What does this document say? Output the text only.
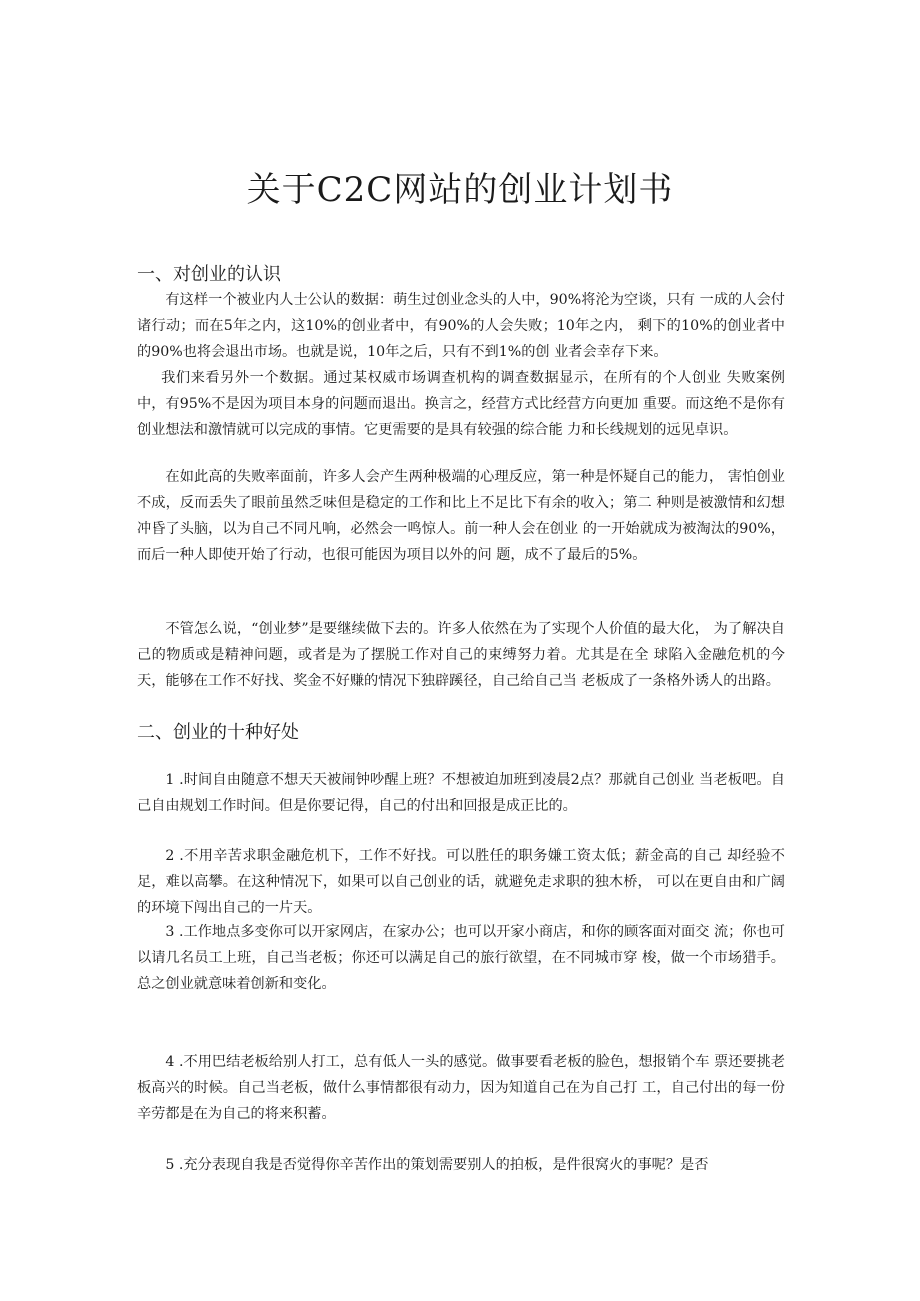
关于C2C网站的创业计划书
一、对创业的认识
有这样一个被业内人士公认的数据：萌生过创业念头的人中，90%将沦为空谈，只有 一成的人会付诸行动；而在5年之内，这10%的创业者中，有90%的人会失败；10年之内， 剩下的10%的创业者中的90%也将会退出市场。也就是说，10年之后，只有不到1%的创 业者会幸存下来。
我们来看另外一个数据。通过某权威市场调查机构的调查数据显示，在所有的个人创业 失败案例中，有95%不是因为项目本身的问题而退出。换言之，经营方式比经营方向更加 重要。而这绝不是你有创业想法和激情就可以完成的事情。它更需要的是具有较强的综合能 力和长线规划的远见卓识。
在如此高的失败率面前，许多人会产生两种极端的心理反应，第一种是怀疑自己的能力， 害怕创业不成，反而丢失了眼前虽然乏味但是稳定的工作和比上不足比下有余的收入；第二 种则是被激情和幻想冲昏了头脑，以为自己不同凡响，必然会一鸣惊人。前一种人会在创业 的一开始就成为被淘汰的90%，而后一种人即使开始了行动，也很可能因为项目以外的问 题，成不了最后的5%。
不管怎么说，“创业梦”是要继续做下去的。许多人依然在为了实现个人价值的最大化， 为了解决自己的物质或是精神问题，或者是为了摆脱工作对自己的束缚努力着。尤其是在全 球陷入金融危机的今天，能够在工作不好找、奖金不好赚的情况下独辟蹊径，自己给自己当 老板成了一条格外诱人的出路。
二、创业的十种好处
1 .时间自由随意不想天天被闹钟吵醒上班？不想被迫加班到凌晨2点？那就自己创业 当老板吧。自己自由规划工作时间。但是你要记得，自己的付出和回报是成正比的。
2 .不用辛苦求职金融危机下，工作不好找。可以胜任的职务嫌工资太低；薪金高的自己 却经验不足，难以高攀。在这种情况下，如果可以自己创业的话，就避免走求职的独木桥， 可以在更自由和广阔的环境下闯出自己的一片天。
3 .工作地点多变你可以开家网店，在家办公；也可以开家小商店，和你的顾客面对面交 流；你也可以请几名员工上班，自己当老板；你还可以满足自己的旅行欲望，在不同城市穿 梭，做一个市场猎手。总之创业就意味着创新和变化。
4 .不用巴结老板给别人打工，总有低人一头的感觉。做事要看老板的脸色，想报销个车 票还要挑老板高兴的时候。自己当老板，做什么事情都很有动力，因为知道自己在为自己打 工，自己付出的每一份辛劳都是在为自己的将来积蓄。
5 .充分表现自我是否觉得你辛苦作出的策划需要别人的拍板，是件很窝火的事呢？是否
